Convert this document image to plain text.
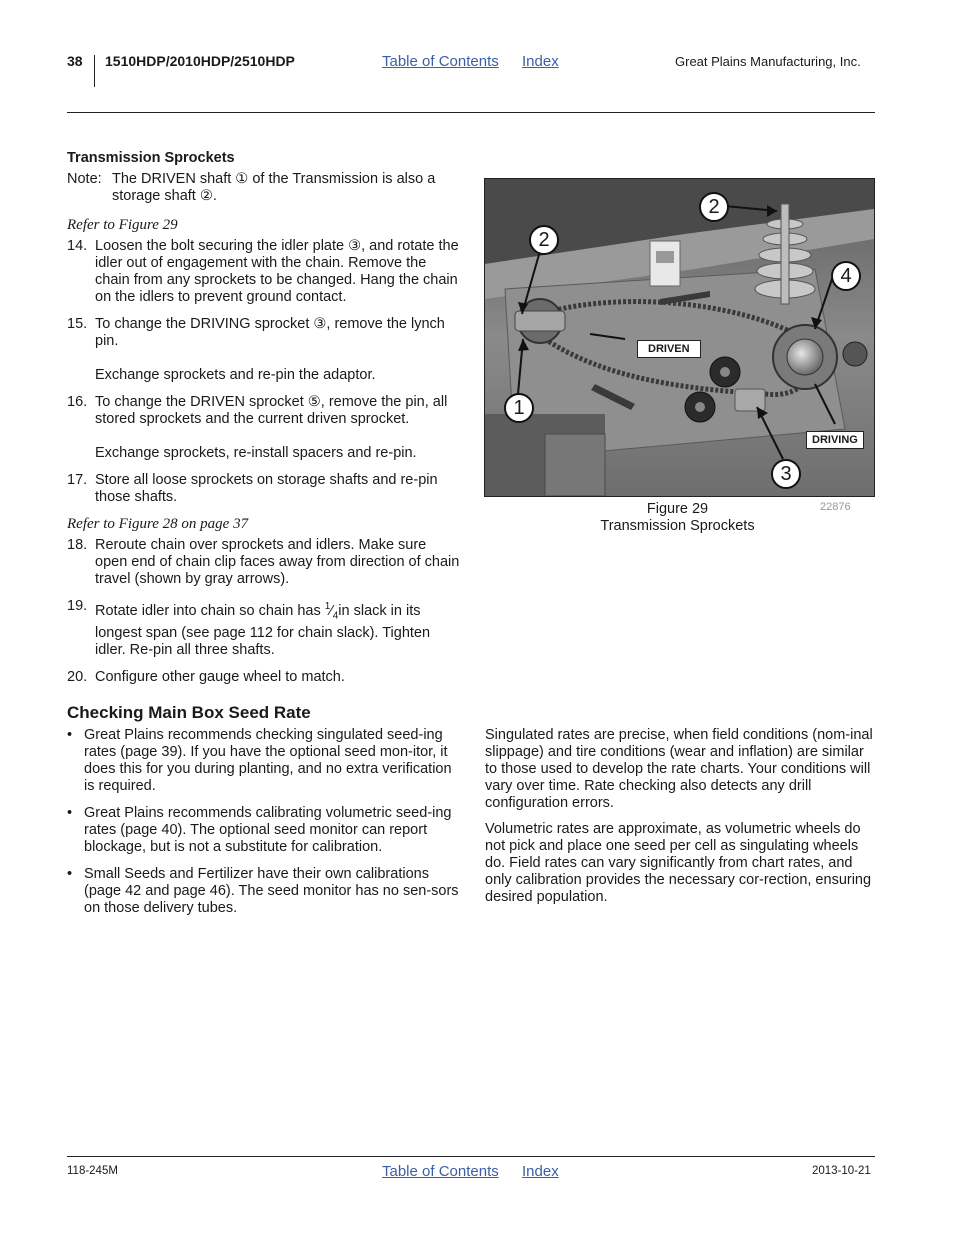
38 1510HDP/2010HDP/2510HDP	Table of Contents Index	Great Plains Manufacturing, Inc.
Transmission Sprockets
Note: The DRIVEN shaft ① of the Transmission is also a storage shaft ②.
Refer to Figure 29
14. Loosen the bolt securing the idler plate ③, and rotate the idler out of engagement with the chain. Remove the chain from any sprockets to be changed. Hang the chain on the idlers to prevent ground contact.

15. To change the DRIVING sprocket ③, remove the lynch pin.

Exchange sprockets and re-pin the adaptor.

16. To change the DRIVEN sprocket ⑤, remove the pin, all stored sprockets and the current driven sprocket.

Exchange sprockets, re-install spacers and re-pin.

17. Store all loose sprockets on storage shafts and re-pin those shafts.

Refer to Figure 28 on page 37
18. Reroute chain over sprockets and idlers. Make sure open end of chain clip faces away from direction of chain travel (shown by gray arrows).

19. Rotate idler into chain so chain has $^1⁄_4in$ slack in its longest span (see page 112 for chain slack). Tighten idler. Re-pin all three shafts.

20. Configure other gauge wheel to match.

2
2
4
1
3
DRIVEN
DRIVING
Figure 29
Transmission Sprockets
22876
Checking Main Box Seed Rate
• Great Plains recommends checking singulated seed-ing rates (page 39). If you have the optional seed mon-itor, it does this for you during planting, and no extra verification is required.
• Great Plains recommends calibrating volumetric seed-ing rates (page 40). The optional seed monitor can report blockage, but is not a substitute for calibration.
• Small Seeds and Fertilizer have their own calibrations (page 42 and page 46). The seed monitor has no sen-sors on those delivery tubes.

Singulated rates are precise, when field conditions (nom-inal slippage) and tire conditions (wear and inflation) are similar to those used to develop the rate charts. Your conditions will vary over time. Rate checking also detects any drill configuration errors.

Volumetric rates are approximate, as volumetric wheels do not pick and place one seed per cell as singulating wheels do. Field rates can vary significantly from chart rates, and only calibration provides the necessary cor-rection, ensuring desired population.

118-245M	Table of Contents Index	2013-10-21
